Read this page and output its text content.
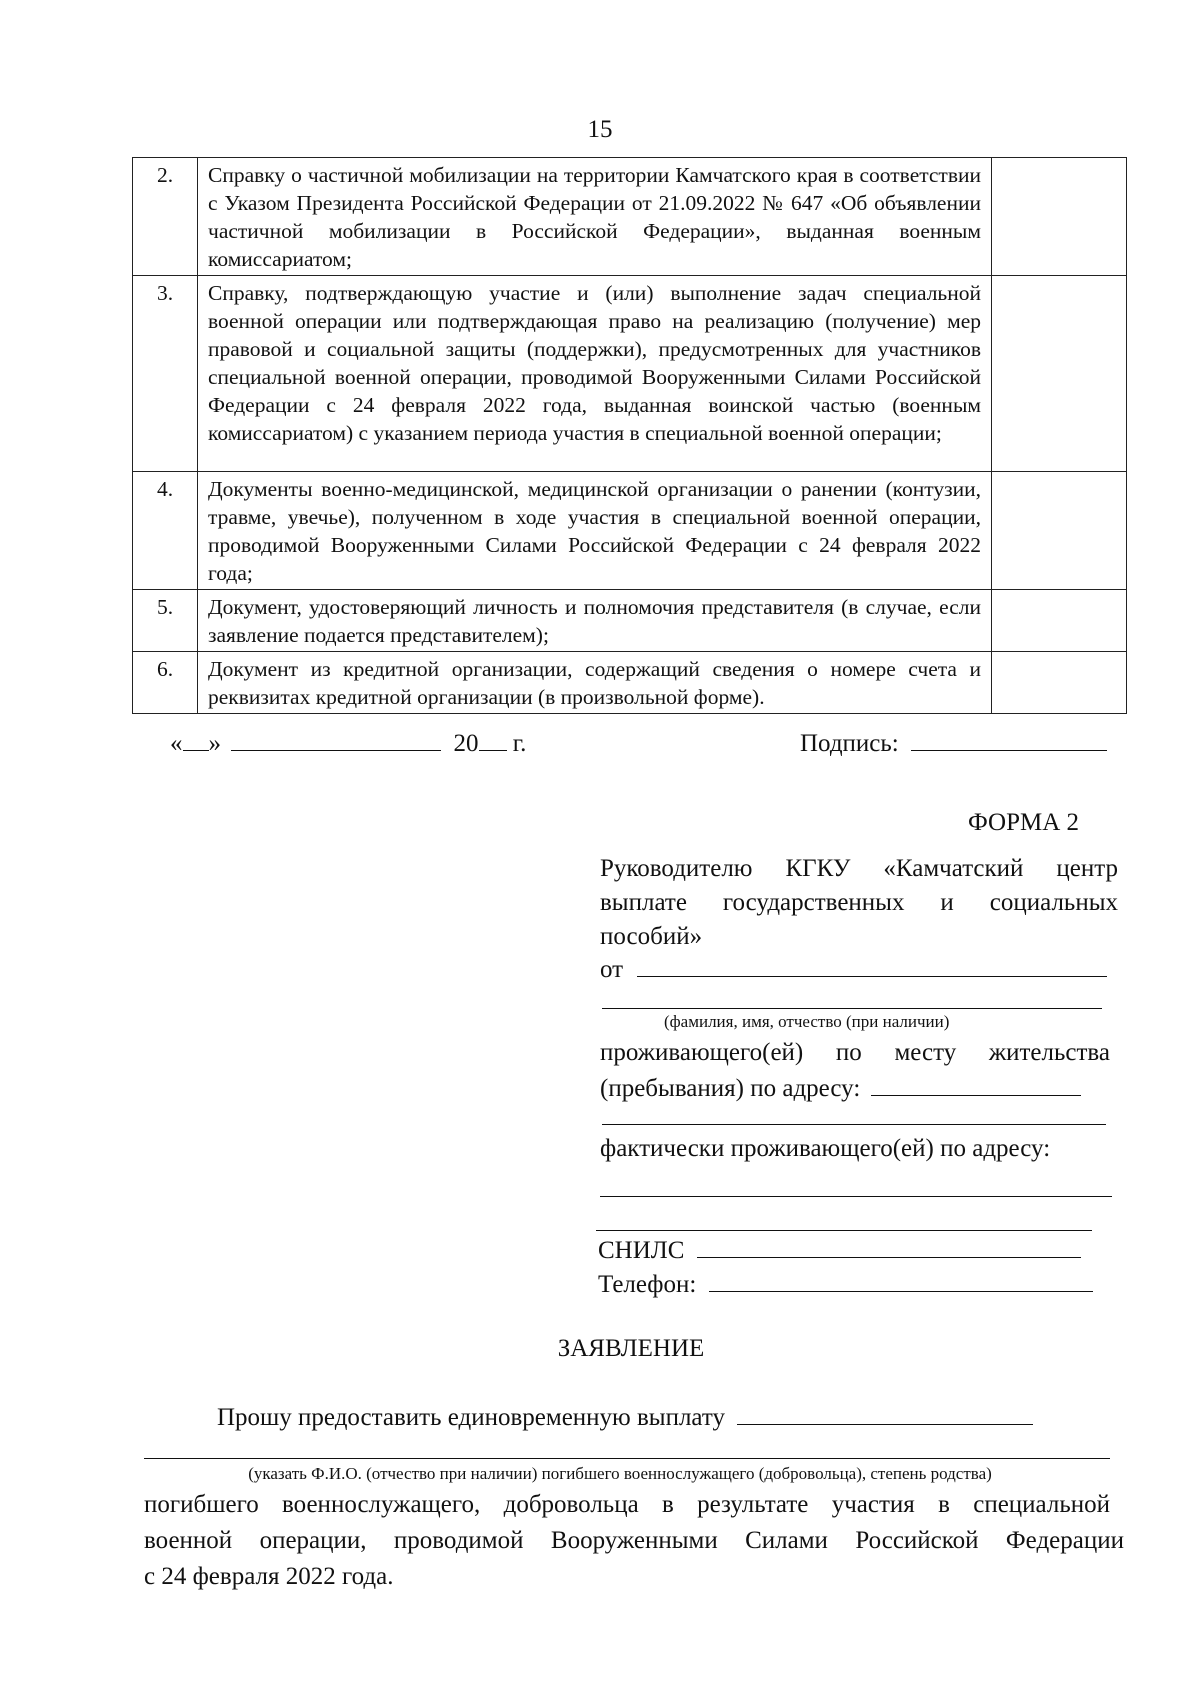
15
2.	Справку о частичной мобилизации на территории Камчатского края в соответствии с Указом Президента Российской Федерации от 21.09.2022 № 647 «Об объявлении частичной мобилизации в Российской Федерации», выданная военным комиссариатом;	
3.	Справку, подтверждающую участие и (или) выполнение задач специальной военной операции или подтверждающая право на реализацию (получение) мер правовой и социальной защиты (поддержки), предусмотренных для участников специальной военной операции, проводимой Вооруженными Силами Российской Федерации с 24 февраля 2022 года, выданная воинской частью (военным комиссариатом) с указанием периода участия в специальной военной операции;	
4.	Документы военно-медицинской, медицинской организации о ранении (контузии, травме, увечье), полученном в ходе участия в специальной военной операции, проводимой Вооруженными Силами Российской Федерации с 24 февраля 2022 года;	
5.	Документ, удостоверяющий личность и полномочия представителя (в случае, если заявление подается представителем);	
6.	Документ из кредитной организации, содержащий сведения о номере счета и реквизитах кредитной организации (в произвольной форме).	
« »	20 г.	Подпись:
ФОРМА 2
Руководителю КГКУ «Камчатский центр выплате государственных и социальных пособий»
от
(фамилия, имя, отчество (при наличии)
проживающего(ей) по месту жительства
(пребывания) по адресу:
фактически проживающего(ей) по адресу:
СНИЛС
Телефон:
ЗАЯВЛЕНИЕ
Прошу предоставить единовременную выплату
(указать Ф.И.О. (отчество при наличии) погибшего военнослужащего (добровольца), степень родства)
погибшего военнослужащего, добровольца в результате участия в специальной
военной операции, проводимой Вооруженными Силами Российской Федерации
с 24 февраля 2022 года.
